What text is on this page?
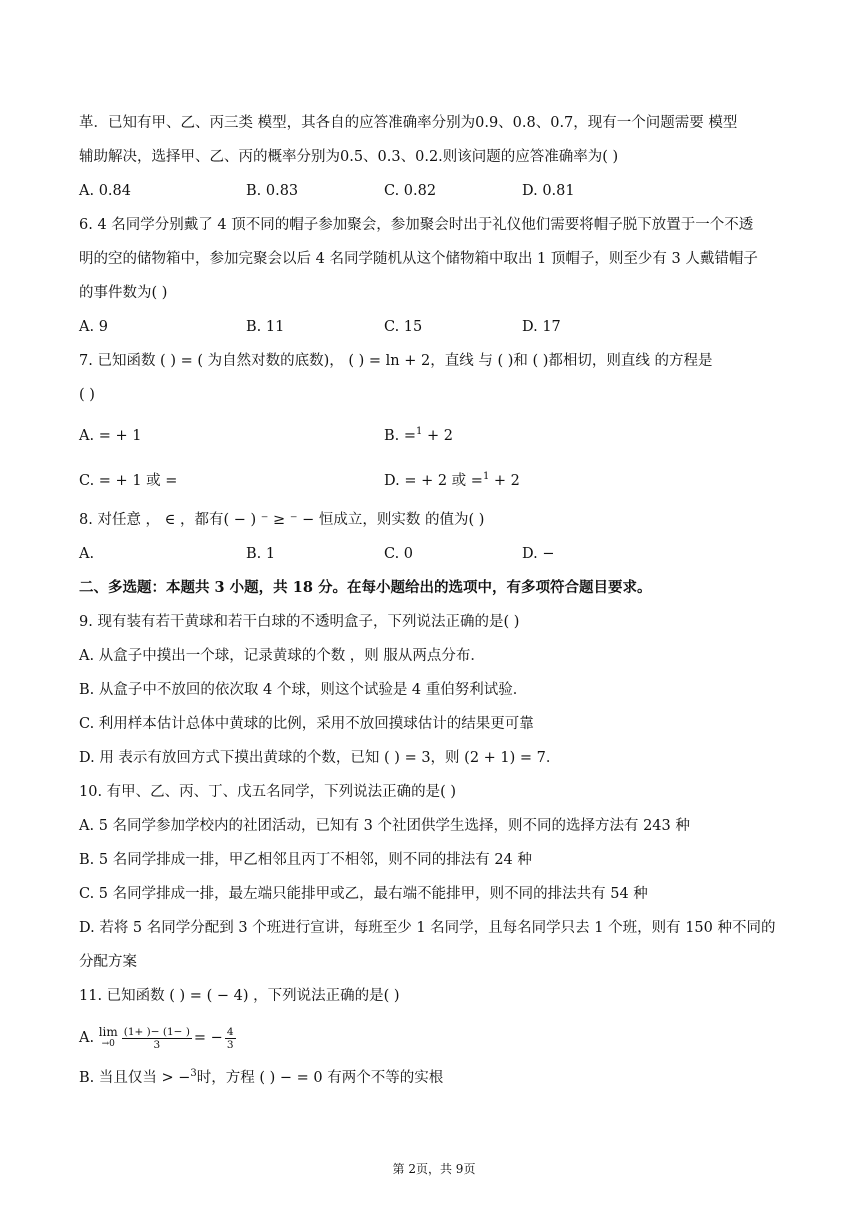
革．已知有甲、乙、丙三类 模型，其各自的应答准确率分别为0.9、0.8、0.7，现有一个问题需要 模型
辅助解决，选择甲、乙、丙的概率分别为0.5、0.3、0.2.则该问题的应答准确率为( )
A. 0.84	B. 0.83	C. 0.82	D. 0.81
6. 4 名同学分别戴了 4 顶不同的帽子参加聚会，参加聚会时出于礼仪他们需要将帽子脱下放置于一个不透
明的空的储物箱中，参加完聚会以后 4 名同学随机从这个储物箱中取出 1 顶帽子，则至少有 3 人戴错帽子
的事件数为( )
A. 9	B. 11	C. 15	D. 17
7. 已知函数 ( ) = ( 为自然对数的底数)， ( ) = ln + 2，直线 与 ( )和 ( )都相切，则直线 的方程是
( )
A. = + 1	B. =$^1$ + 2
C. = + 1 或 =	D. = + 2 或 =$^1$ + 2
8. 对任意 ， ∈ ，都有( − ) ⁻ ≥ ⁻ − 恒成立，则实数 的值为( )
A.	B. 1	C. 0	D. −
二、多选题：本题共 3 小题，共 18 分。在每小题给出的选项中，有多项符合题目要求。
9. 现有装有若干黄球和若干白球的不透明盒子，下列说法正确的是( )
A. 从盒子中摸出一个球，记录黄球的个数 ，则 服从两点分布．
B. 从盒子中不放回的依次取 4 个球，则这个试验是 4 重伯努利试验．
C. 利用样本估计总体中黄球的比例，采用不放回摸球估计的结果更可靠
D. 用 表示有放回方式下摸出黄球的个数，已知 ( ) = 3，则 (2 + 1) = 7．
10. 有甲、乙、丙、丁、戊五名同学，下列说法正确的是( )
A. 5 名同学参加学校内的社团活动，已知有 3 个社团供学生选择，则不同的选择方法有 243 种
B. 5 名同学排成一排，甲乙相邻且丙丁不相邻，则不同的排法有 24 种
C. 5 名同学排成一排，最左端只能排甲或乙，最右端不能排甲，则不同的排法共有 54 种
D. 若将 5 名同学分配到 3 个班进行宣讲，每班至少 1 名同学，且每名同学只去 1 个班，则有 150 种不同的
分配方案
11. 已知函数 ( ) = ( − 4) ，下列说法正确的是( )
A. lim
$\to 0 \frac{(1+ )- (1- )}{3}$ = − $\frac{4}{3}$
B. 当且仅当 > −$^3$时，方程 ( ) − = 0 有两个不等的实根
第 2页，共 9页
